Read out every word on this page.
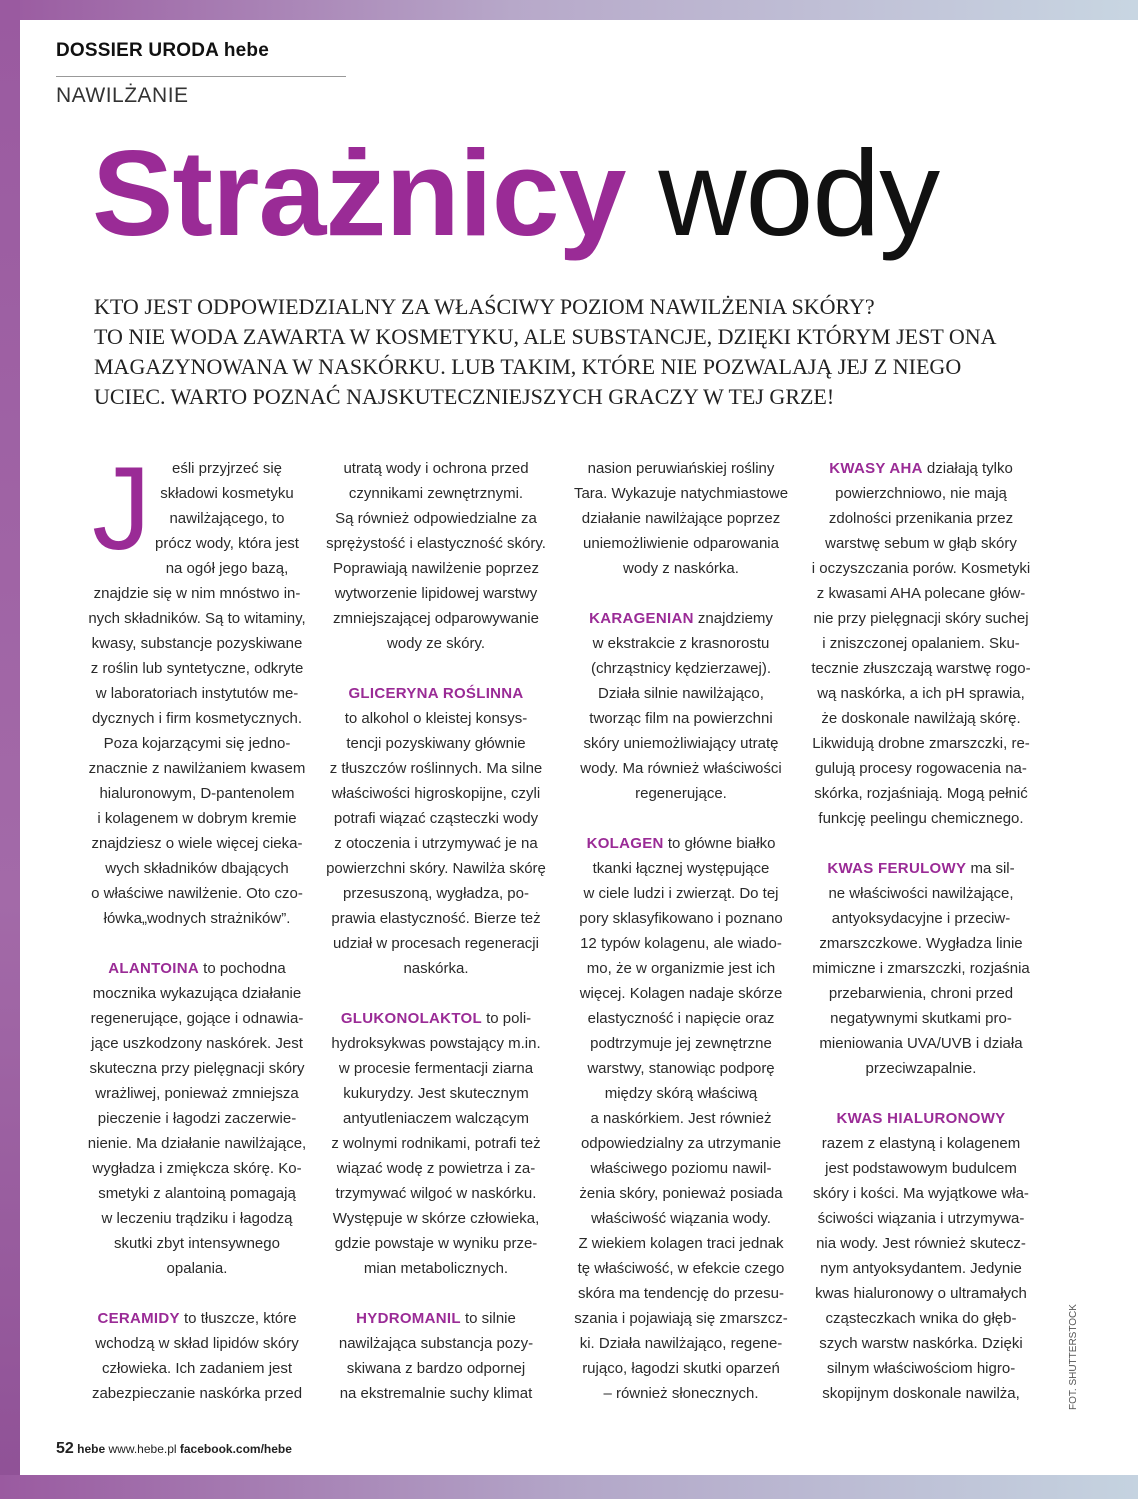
DOSSIER URODA hebe
NAWILŻANIE
Strażnicy wody
KTO JEST ODPOWIEDZIALNY ZA WŁAŚCIWY POZIOM NAWILŻENIA SKÓRY?
TO NIE WODA ZAWARTA W KOSMETYKU, ALE SUBSTANCJE, DZIĘKI KTÓRYM JEST ONA
MAGAZYNOWANA W NASKÓRKU. LUB TAKIM, KTÓRE NIE POZWALAJĄ JEJ Z NIEGO
UCIEC. WARTO POZNAĆ NAJSKUTECZNIEJSZYCH GRACZY W TEJ GRZE!
J	eśli przyjrzeć się
składowi kosmetyku
nawilżającego, to
prócz wody, która jest
na ogół jego bazą,
znajdzie się w nim mnóstwo in-
nych składników. Są to witaminy,
kwasy, substancje pozyskiwane
z roślin lub syntetyczne, odkryte
w laboratoriach instytutów me-
dycznych i firm kosmetycznych.
Poza kojarzącymi się jedno-
znacznie z nawilżaniem kwasem
hialuronowym, D-pantenolem
i kolagenem w dobrym kremie
znajdziesz o wiele więcej cieka-
wych składników dbających
o właściwe nawilżenie. Oto czo-
łówka„wodnych strażników”.
ALANTOINA to pochodna
mocznika wykazująca działanie
regenerujące, gojące i odnawia-
jące uszkodzony naskórek. Jest
skuteczna przy pielęgnacji skóry
wrażliwej, ponieważ zmniejsza
pieczenie i łagodzi zaczerwie-
nienie. Ma działanie nawilżające,
wygładza i zmiękcza skórę. Ko-
smetyki z alantoiną pomagają
w leczeniu trądziku i łagodzą
skutki zbyt intensywnego
opalania.
CERAMIDY to tłuszcze, które
wchodzą w skład lipidów skóry
człowieka. Ich zadaniem jest
zabezpieczanie naskórka przed
utratą wody i ochrona przed
czynnikami zewnętrznymi.
Są również odpowiedzialne za
sprężystość i elastyczność skóry.
Poprawiają nawilżenie poprzez
wytworzenie lipidowej warstwy
zmniejszającej odparowywanie
wody ze skóry.
GLICERYNA ROŚLINNA
to alkohol o kleistej konsys-
tencji pozyskiwany głównie
z tłuszczów roślinnych. Ma silne
właściwości higroskopijne, czyli
potrafi wiązać cząsteczki wody
z otoczenia i utrzymywać je na
powierzchni skóry. Nawilża skórę
przesuszoną, wygładza, po-
prawia elastyczność. Bierze też
udział w procesach regeneracji
naskórka.
GLUKONOLAKTOL to poli-
hydroksykwas powstający m.in.
w procesie fermentacji ziarna
kukurydzy. Jest skutecznym
antyutleniaczem walczącym
z wolnymi rodnikami, potrafi też
wiązać wodę z powietrza i za-
trzymywać wilgoć w naskórku.
Występuje w skórze człowieka,
gdzie powstaje w wyniku prze-
mian metabolicznych.
HYDROMANIL to silnie
nawilżająca substancja pozy-
skiwana z bardzo odpornej
na ekstremalnie suchy klimat
nasion peruwiańskiej rośliny
Tara. Wykazuje natychmiastowe
działanie nawilżające poprzez
uniemożliwienie odparowania
wody z naskórka.
KARAGENIAN znajdziemy
w ekstrakcie z krasnorostu
(chrząstnicy kędzierzawej).
Działa silnie nawilżająco,
tworząc film na powierzchni
skóry uniemożliwiający utratę
wody. Ma również właściwości
regenerujące.
KOLAGEN to główne białko
tkanki łącznej występujące
w ciele ludzi i zwierząt. Do tej
pory sklasyfikowano i poznano
12 typów kolagenu, ale wiado-
mo, że w organizmie jest ich
więcej. Kolagen nadaje skórze
elastyczność i napięcie oraz
podtrzymuje jej zewnętrzne
warstwy, stanowiąc podporę
między skórą właściwą
a naskórkiem. Jest również
odpowiedzialny za utrzymanie
właściwego poziomu nawil-
żenia skóry, ponieważ posiada
właściwość wiązania wody.
Z wiekiem kolagen traci jednak
tę właściwość, w efekcie czego
skóra ma tendencję do przesu-
szania i pojawiają się zmarszcz-
ki. Działa nawilżająco, regene-
rująco, łagodzi skutki oparzeń
– również słonecznych.
KWASY AHA działają tylko
powierzchniowo, nie mają
zdolności przenikania przez
warstwę sebum w głąb skóry
i oczyszczania porów. Kosmetyki
z kwasami AHA polecane głów-
nie przy pielęgnacji skóry suchej
i zniszczonej opalaniem. Sku-
tecznie złuszczają warstwę rogo-
wą naskórka, a ich pH sprawia,
że doskonale nawilżają skórę.
Likwidują drobne zmarszczki, re-
gulują procesy rogowacenia na-
skórka, rozjaśniają. Mogą pełnić
funkcję peelingu chemicznego.
KWAS FERULOWY ma sil-
ne właściwości nawilżające,
antyoksydacyjne i przeciw-
zmarszczkowe. Wygładza linie
mimiczne i zmarszczki, rozjaśnia
przebarwienia, chroni przed
negatywnymi skutkami pro-
mieniowania UVA/UVB i działa
przeciwzapalnie.
KWAS HIALURONOWY
razem z elastyną i kolagenem
jest podstawowym budulcem
skóry i kości. Ma wyjątkowe wła-
ściwości wiązania i utrzymywa-
nia wody. Jest również skutecz-
nym antyoksydantem. Jedynie
kwas hialuronowy o ultramałych
cząsteczkach wnika do głęb-
szych warstw naskórka. Dzięki
silnym właściwościom higro-
skopijnym doskonale nawilża,	FOT. SHUTTERSTOCK
52 hebe www.hebe.pl facebook.com/hebe
